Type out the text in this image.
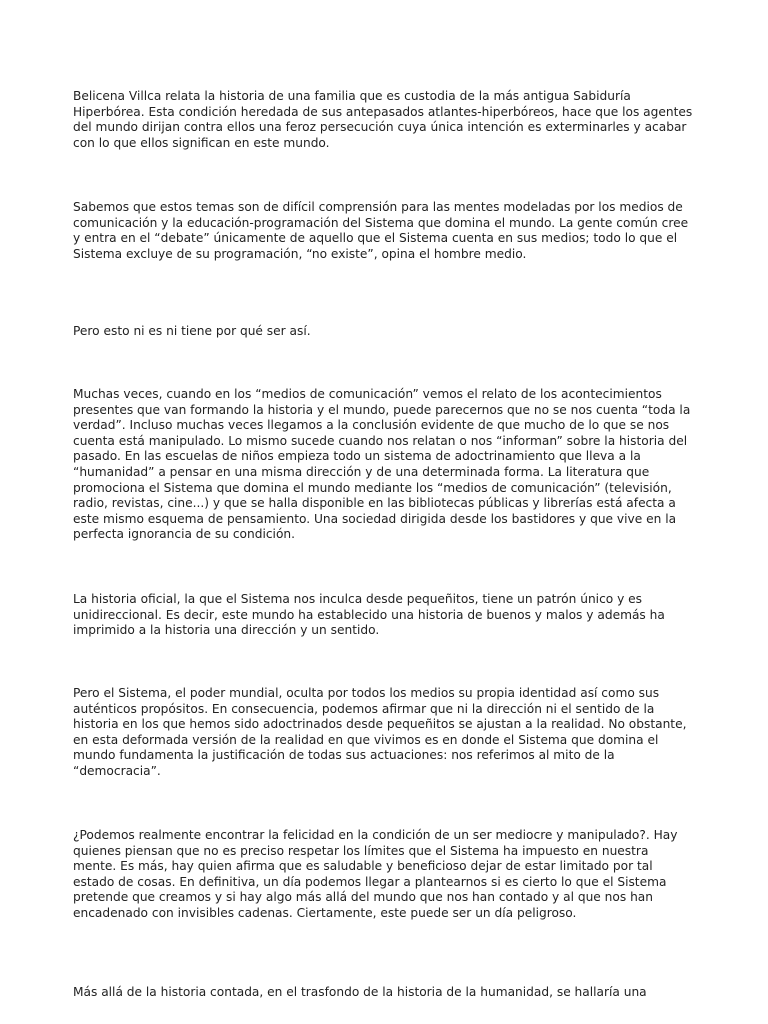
Belicena Villca relata la historia de una familia que es custodia de la más antigua Sabiduría Hiperbórea. Esta condición heredada de sus antepasados atlantes-hiperbóreos, hace que los agentes del mundo dirijan contra ellos una feroz persecución cuya única intención es exterminarles y acabar con lo que ellos significan en este mundo.

Sabemos que estos temas son de difícil comprensión para las mentes modeladas por los medios de comunicación y la educación-programación del Sistema que domina el mundo. La gente común cree y entra en el “debate” únicamente de aquello que el Sistema cuenta en sus medios; todo lo que el Sistema excluye de su programación, “no existe”, opina el hombre medio.

Pero esto ni es ni tiene por qué ser así.

Muchas veces, cuando en los “medios de comunicación” vemos el relato de los acontecimientos presentes que van formando la historia y el mundo, puede parecernos que no se nos cuenta “toda la verdad”. Incluso muchas veces llegamos a la conclusión evidente de que mucho de lo que se nos cuenta está manipulado. Lo mismo sucede cuando nos relatan o nos “informan” sobre la historia del pasado. En las escuelas de niños empieza todo un sistema de adoctrinamiento que lleva a la “humanidad” a pensar en una misma dirección y de una determinada forma. La literatura que promociona el Sistema que domina el mundo mediante los “medios de comunicación” (televisión, radio, revistas, cine...) y que se halla disponible en las bibliotecas públicas y librerías está afecta a este mismo esquema de pensamiento. Una sociedad dirigida desde los bastidores y que vive en la perfecta ignorancia de su condición.

La historia oficial, la que el Sistema nos inculca desde pequeñitos, tiene un patrón único y es unidireccional. Es decir, este mundo ha establecido una historia de buenos y malos y además ha imprimido a la historia una dirección y un sentido.

Pero el Sistema, el poder mundial, oculta por todos los medios su propia identidad así como sus auténticos propósitos. En consecuencia, podemos afirmar que ni la dirección ni el sentido de la historia en los que hemos sido adoctrinados desde pequeñitos se ajustan a la realidad. No obstante, en esta deformada versión de la realidad en que vivimos es en donde el Sistema que domina el mundo fundamenta la justificación de todas sus actuaciones: nos referimos al mito de la “democracia”.

¿Podemos realmente encontrar la felicidad en la condición de un ser mediocre y manipulado?. Hay quienes piensan que no es preciso respetar los límites que el Sistema ha impuesto en nuestra mente. Es más, hay quien afirma que es saludable y beneficioso dejar de estar limitado por tal estado de cosas. En definitiva, un día podemos llegar a plantearnos si es cierto lo que el Sistema pretende que creamos y si hay algo más allá del mundo que nos han contado y al que nos han encadenado con invisibles cadenas. Ciertamente, este puede ser un día peligroso.

Más allá de la historia contada, en el trasfondo de la historia de la humanidad, se hallaría una
